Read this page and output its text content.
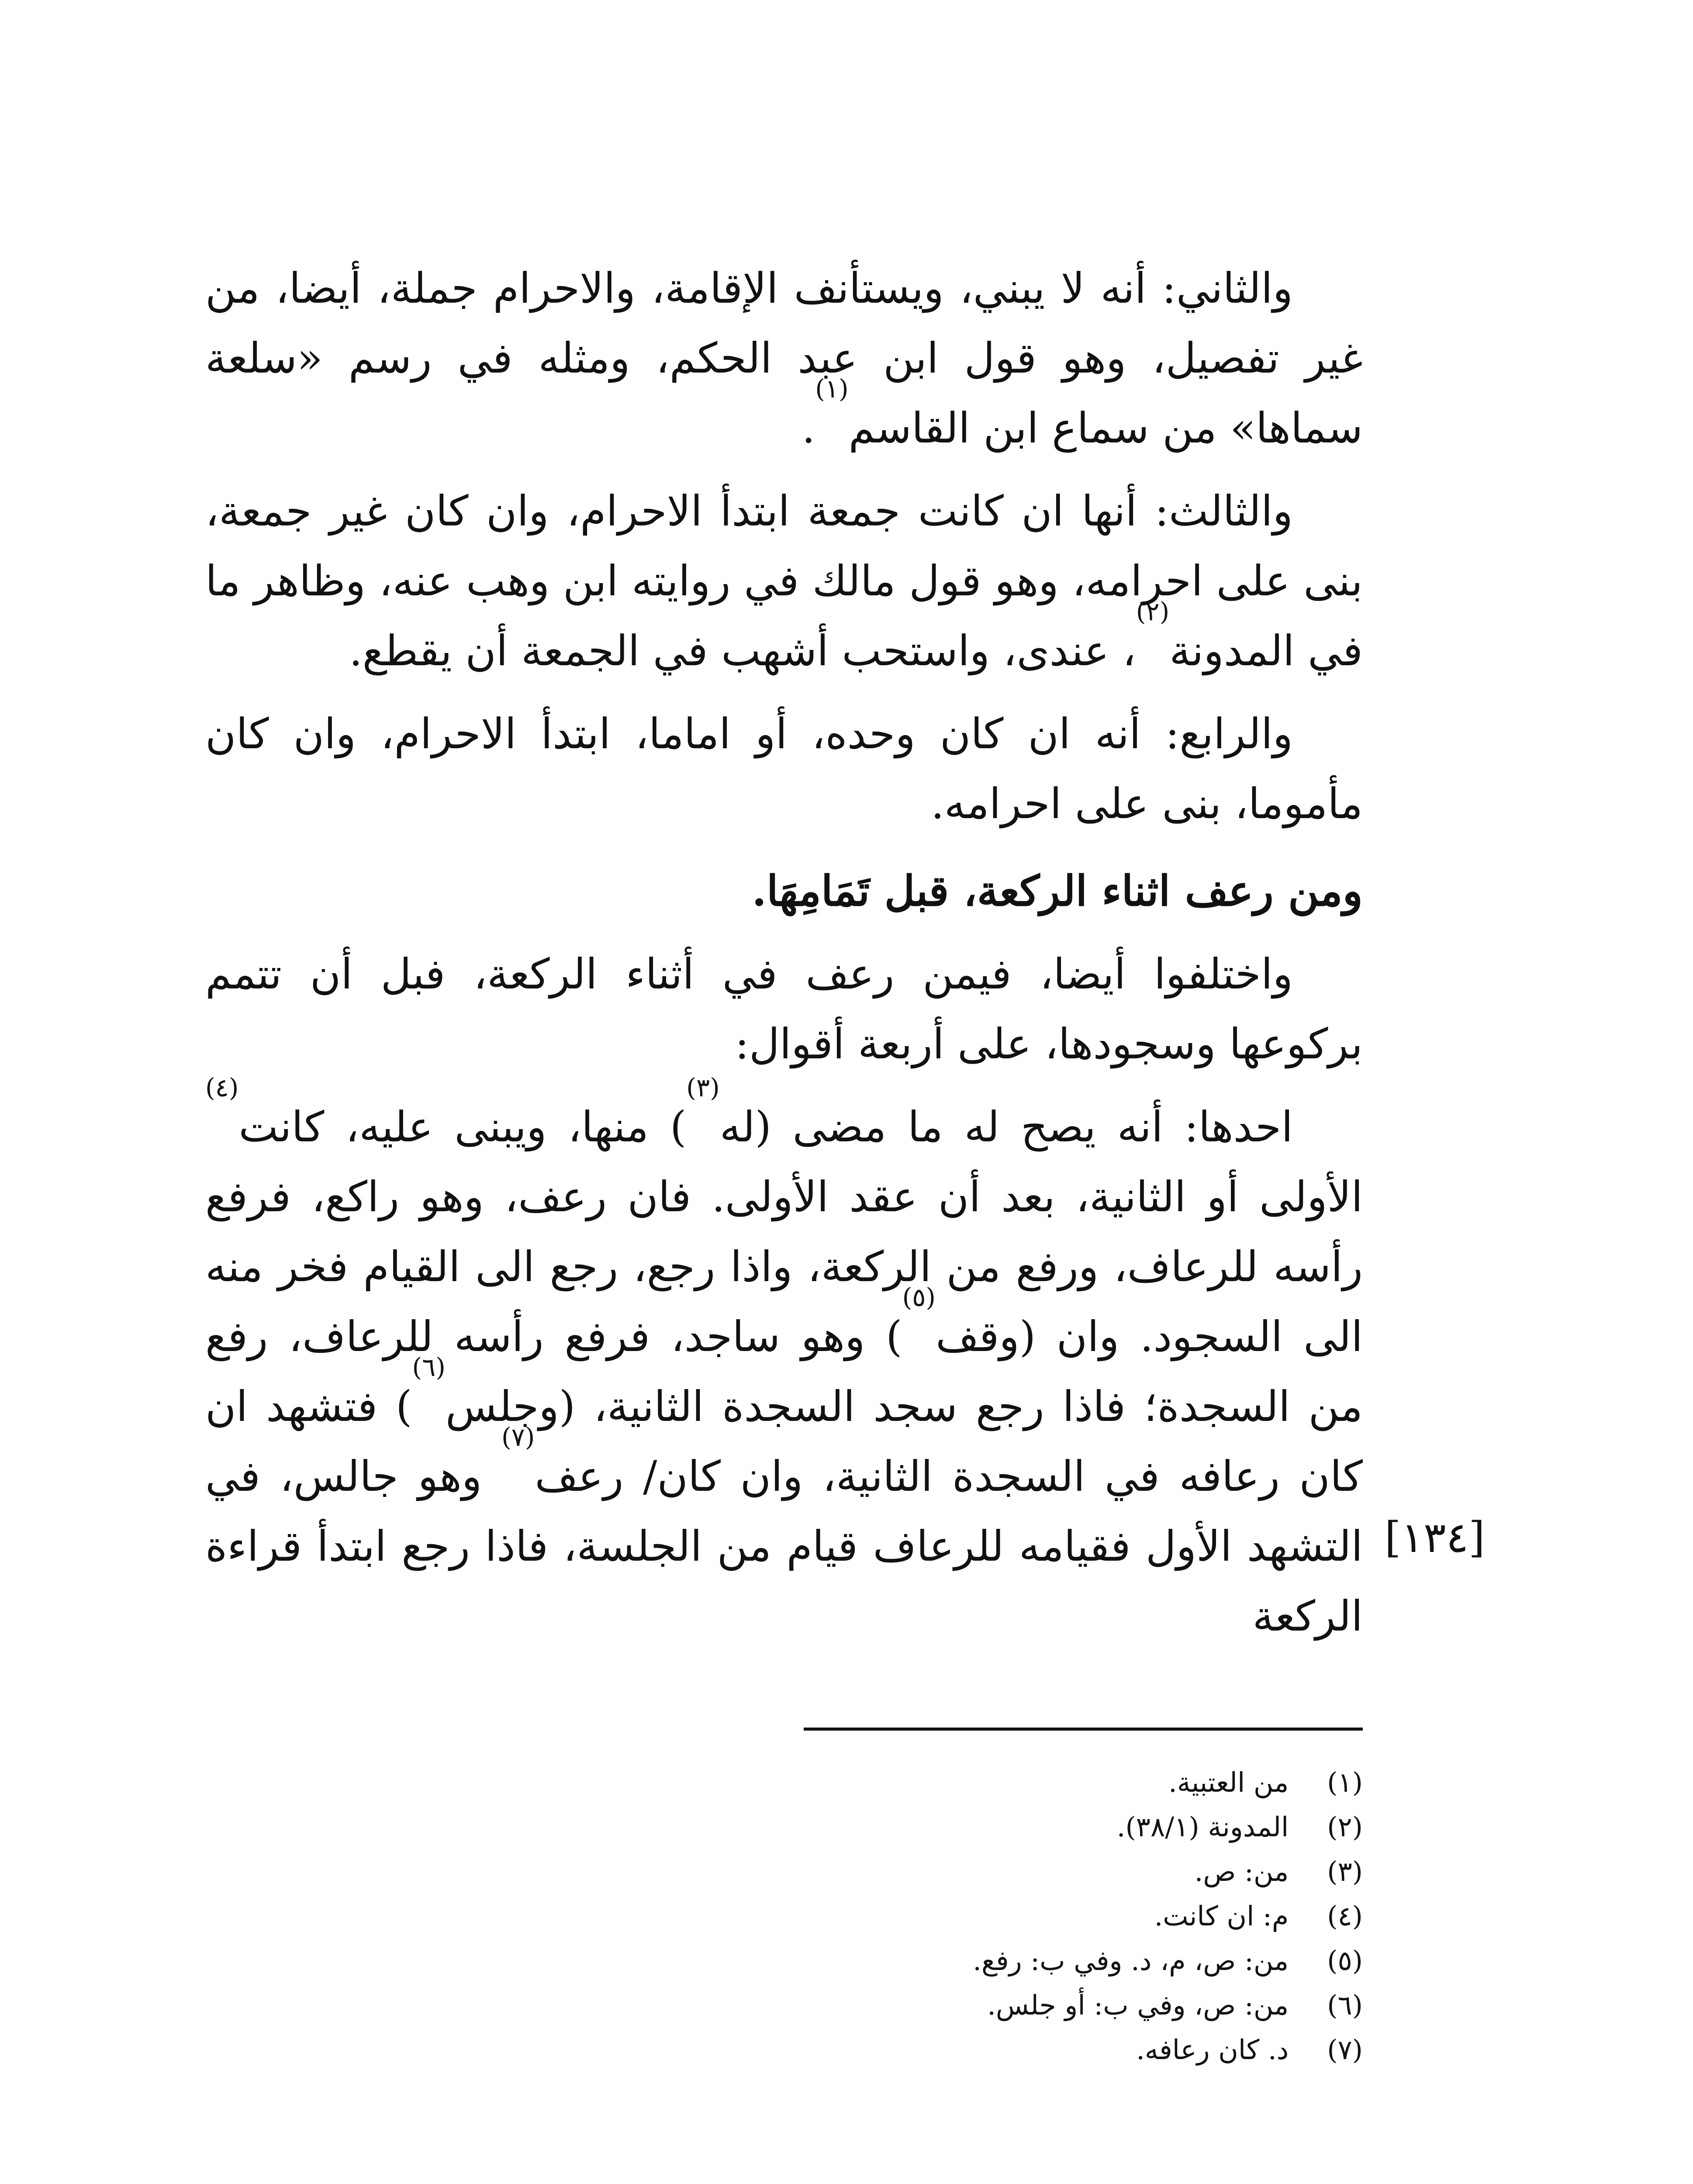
والثاني: أنه لا يبني، ويستأنف الإقامة، والاحرام جملة، أيضا، من غير تفصيل، وهو قول ابن عبد الحكم، ومثله في رسم «سلعة سماها» من سماع ابن القاسم$^{(١)}$.

والثالث: أنها ان كانت جمعة ابتدأ الاحرام، وان كان غير جمعة، بنى على احرامه، وهو قول مالك في روايته ابن وهب عنه، وظاهر ما في المدونة$^{(٢)}$، عندى، واستحب أشهب في الجمعة أن يقطع.

والرابع: أنه ان كان وحده، أو اماما، ابتدأ الاحرام، وان كان مأموما، بنى على احرامه.

ومن رعف اثناء الركعة، قبل تَمَامِهَا.

واختلفوا أيضا، فيمن رعف في أثناء الركعة، فبل أن تتمم بركوعها وسجودها، على أربعة أقوال:

احدها: أنه يصح له ما مضى (له$^{(٣)}$) منها، ويبنى عليه، كانت$^{(٤)}$ الأولى أو الثانية، بعد أن عقد الأولى. فان رعف، وهو راكع، فرفع رأسه للرعاف، ورفع من الركعة، واذا رجع، رجع الى القيام فخر منه الى السجود. وان (وقف$^{(٥)}$) وهو ساجد، فرفع رأسه للرعاف، رفع من السجدة؛ فاذا رجع سجد السجدة الثانية، (وجلس$^{(٦)}$) فتشهد ان كان رعافه في السجدة الثانية، وان كان/ رعف$^{(٧)}$ وهو جالس، في التشهد الأول فقيامه للرعاف قيام من الجلسة، فاذا رجع ابتدأ قراءة الركعة

[١٣٤]
(١) من العتبية.
(٢) المدونة (٣٨/١).
(٣) من: ص.
(٤) م: ان كانت.
(٥) من: ص، م، د. وفي ب: رفع.
(٦) من: ص، وفي ب: أو جلس.
(٧) د. كان رعافه.
